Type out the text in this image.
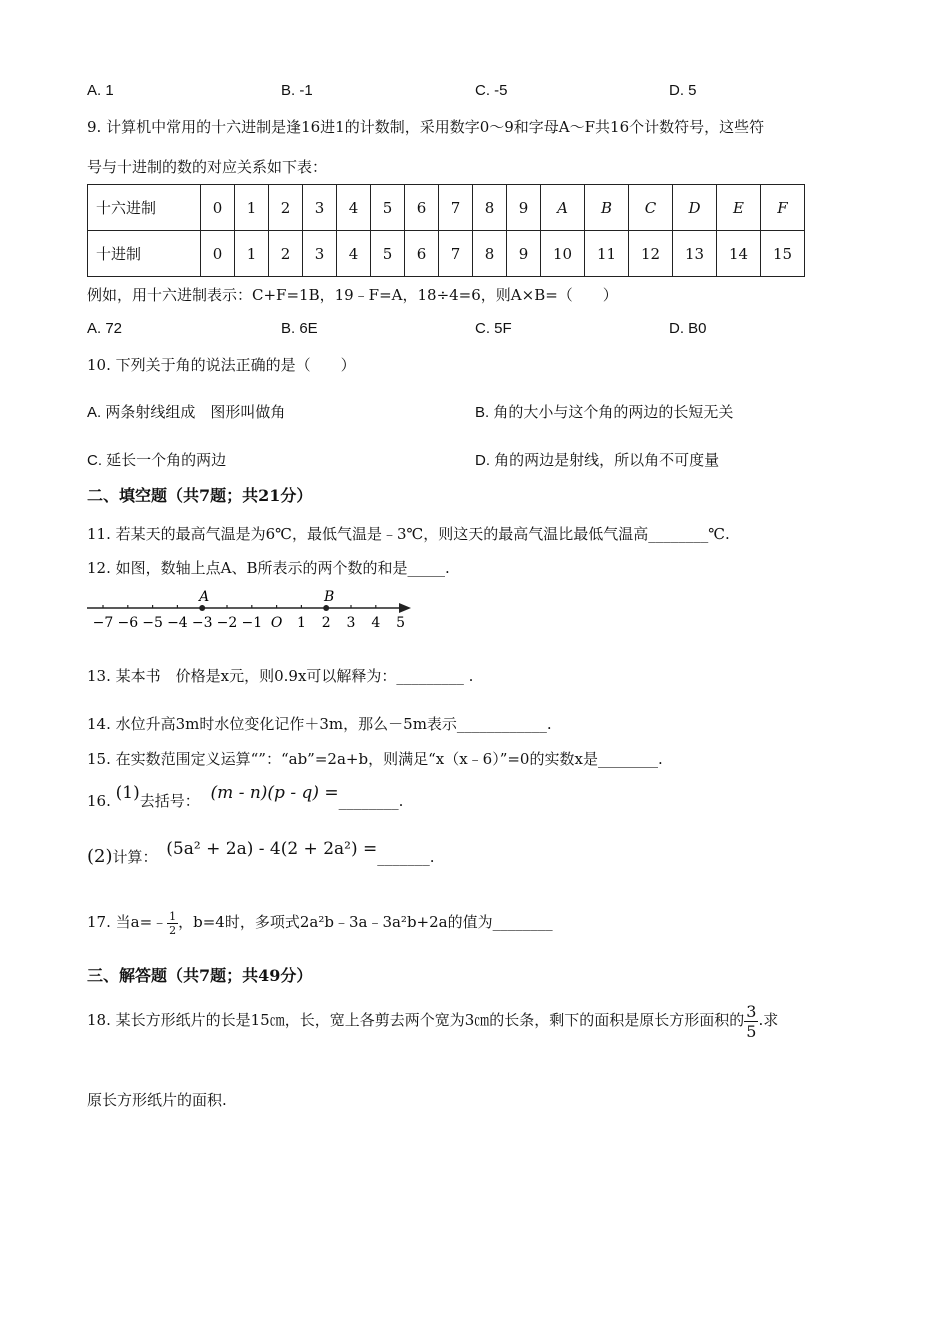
A. 1	B. -1	C. -5	D. 5
9. 计算机中常用的十六进制是逢16进1的计数制，采用数字0～9和字母A～F共16个计数符号，这些符
号与十进制的数的对应关系如下表：
十六进制	0	1	2	3	4	5	6	7	8	9	A	B	C	D	E	F
十进制	0	1	2	3	4	5	6	7	8	9	10	11	12	13	14	15
例如，用十六进制表示：C+F=1B，19﹣F=A，18÷4=6，则A×B=（　　）
A. 72	B. 6E	C. 5F	D. B0
10. 下列关于角的说法正确的是（　　）
A. 两条射线组成　图形叫做角	B. 角的大小与这个角的两边的长短无关
C. 延长一个角的两边	D. 角的两边是射线，所以角不可度量
二、填空题（共7题；共21分）
11. 若某天的最高气温是为6℃，最低气温是﹣3℃，则这天的最高气温比最低气温高________℃.
12. 如图，数轴上点A、B所表示的两个数的和是_____.
−7 −6 −5 −4 −3 −2 −1 O 1 2 3 4 5
A	B
13. 某本书　价格是x元，则0.9x可以解释为：_________ .
14. 水位升高3m时水位变化记作＋3m，那么－5m表示____________.
15. 在实数范围定义运算“”：“ab”=2a+b，则满足“x（x﹣6）”=0的实数x是________.
16. (1)去括号： (m - n)(p - q) =________.
(2)计算： (5a² + 2a) - 4(2 + 2a²) =_______.
17. 当a=﹣ $\frac{1}{2}$ ，b=4时，多项式2a²b﹣3a﹣3a²b+2a的值为________
三、解答题（共7题；共49分）
18. 某长方形纸片的长是15㎝，长，宽上各剪去两个宽为3㎝的长条，剩下的面积是原长方形面积的 $\frac{3}{5}$ .求
原长方形纸片的面积.
